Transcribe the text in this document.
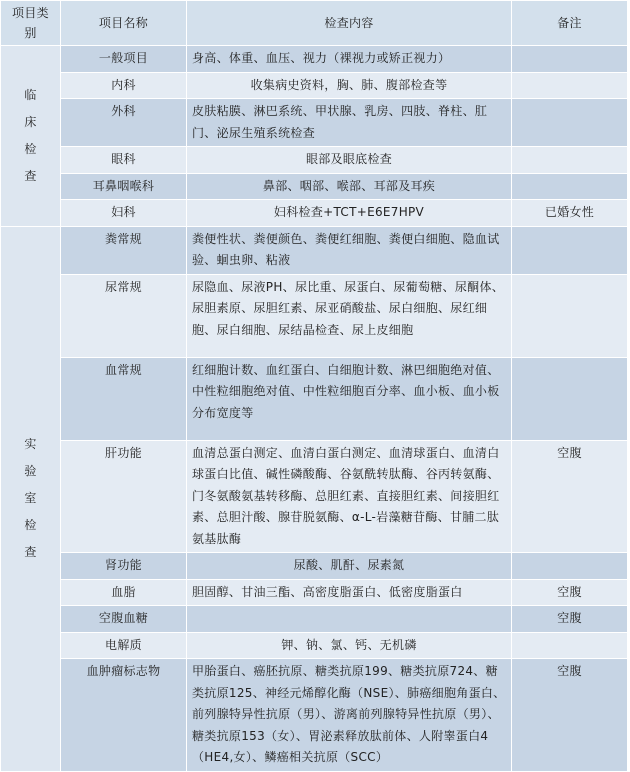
项目类别	项目名称	检查内容	备注

临
床
检
查	一般项目	身高、体重、血压、视力（裸视力或矫正视力）	
	内科	收集病史资料，胸、肺、腹部检查等	
	外科	皮肤粘膜、淋巴系统、甲状腺、乳房、四肢、脊柱、肛门、泌尿生殖系统检查	
	眼科	眼部及眼底检查	
	耳鼻咽喉科	鼻部、咽部、喉部、耳部及耳疾	
	妇科	妇科检查+TCT+E6E7HPV	已婚女性

实
验
室
检
查	粪常规	粪便性状、粪便颜色、粪便红细胞、粪便白细胞、隐血试验、蛔虫卵、粘液	
	尿常规	尿隐血、尿液PH、尿比重、尿蛋白、尿葡萄糖、尿酮体、尿胆素原、尿胆红素、尿亚硝酸盐、尿白细胞、尿红细胞、尿白细胞、尿结晶检查、尿上皮细胞	
	血常规	红细胞计数、血红蛋白、白细胞计数、淋巴细胞绝对值、中性粒细胞绝对值、中性粒细胞百分率、血小板、血小板分布宽度等	
	肝功能	血清总蛋白测定、血清白蛋白测定、血清球蛋白、血清白球蛋白比值、碱性磷酸酶、谷氨酰转肽酶、谷丙转氨酶、门冬氨酸氨基转移酶、总胆红素、直接胆红素、间接胆红素、总胆汁酸、腺苷脱氨酶、α-L-岩藻糖苷酶、甘脯二肽氨基肽酶	空腹
	肾功能	尿酸、肌酐、尿素氮	
	血脂	胆固醇、甘油三酯、高密度脂蛋白、低密度脂蛋白	空腹
	空腹血糖		空腹
	电解质	钾、钠、氯、钙、无机磷	
	血肿瘤标志物	甲胎蛋白、癌胚抗原、糖类抗原199、糖类抗原724、糖类抗原125、神经元烯醇化酶（NSE）、肺癌细胞角蛋白、前列腺特异性抗原（男）、游离前列腺特异性抗原（男）、糖类抗原153（女）、胃泌素释放肽前体、人附睾蛋白4（HE4,女）、鳞癌相关抗原（SCC）	空腹
